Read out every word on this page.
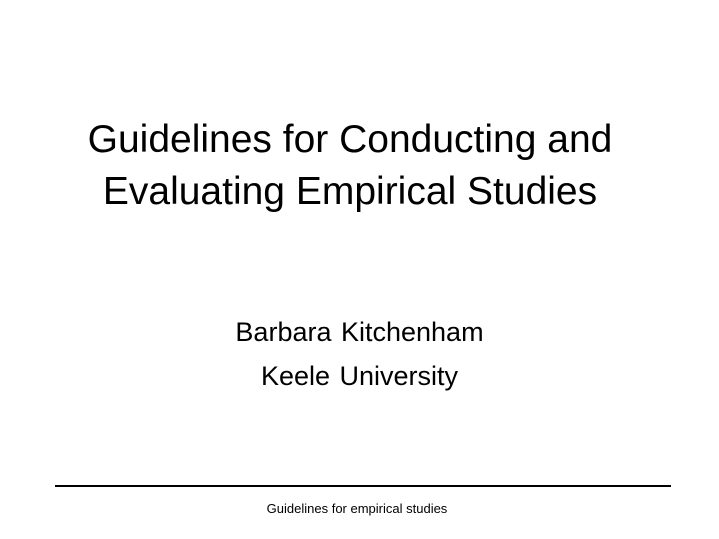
Guidelines for Conducting and
Evaluating Empirical Studies
Barbara Kitchenham
Keele University
Guidelines for empirical studies
